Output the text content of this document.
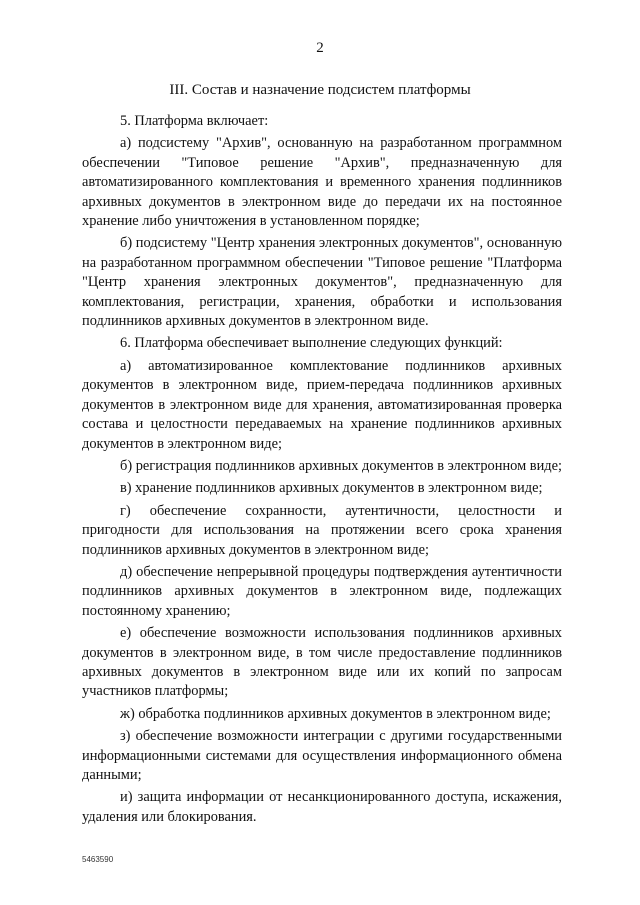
2
III. Состав и назначение подсистем платформы

5. Платформа включает:

а) подсистему "Архив", основанную на разработанном программном обеспечении "Типовое решение "Архив", предназначенную для автоматизированного комплектования и временного хранения подлинников архивных документов в электронном виде до передачи их на постоянное хранение либо уничтожения в установленном порядке;

б) подсистему "Центр хранения электронных документов", основанную на разработанном программном обеспечении "Типовое решение "Платформа "Центр хранения электронных документов", предназначенную для комплектования, регистрации, хранения, обработки и использования подлинников архивных документов в электронном виде.

6. Платформа обеспечивает выполнение следующих функций:

а) автоматизированное комплектование подлинников архивных документов в электронном виде, прием-передача подлинников архивных документов в электронном виде для хранения, автоматизированная проверка состава и целостности передаваемых на хранение подлинников архивных документов в электронном виде;

б) регистрация подлинников архивных документов в электронном виде;

в) хранение подлинников архивных документов в электронном виде;

г) обеспечение сохранности, аутентичности, целостности и пригодности для использования на протяжении всего срока хранения подлинников архивных документов в электронном виде;

д) обеспечение непрерывной процедуры подтверждения аутентичности подлинников архивных документов в электронном виде, подлежащих постоянному хранению;

е) обеспечение возможности использования подлинников архивных документов в электронном виде, в том числе предоставление подлинников архивных документов в электронном виде или их копий по запросам участников платформы;

ж) обработка подлинников архивных документов в электронном виде;

з) обеспечение возможности интеграции с другими государственными информационными системами для осуществления информационного обмена данными;

и) защита информации от несанкционированного доступа, искажения, удаления или блокирования.

5463590
